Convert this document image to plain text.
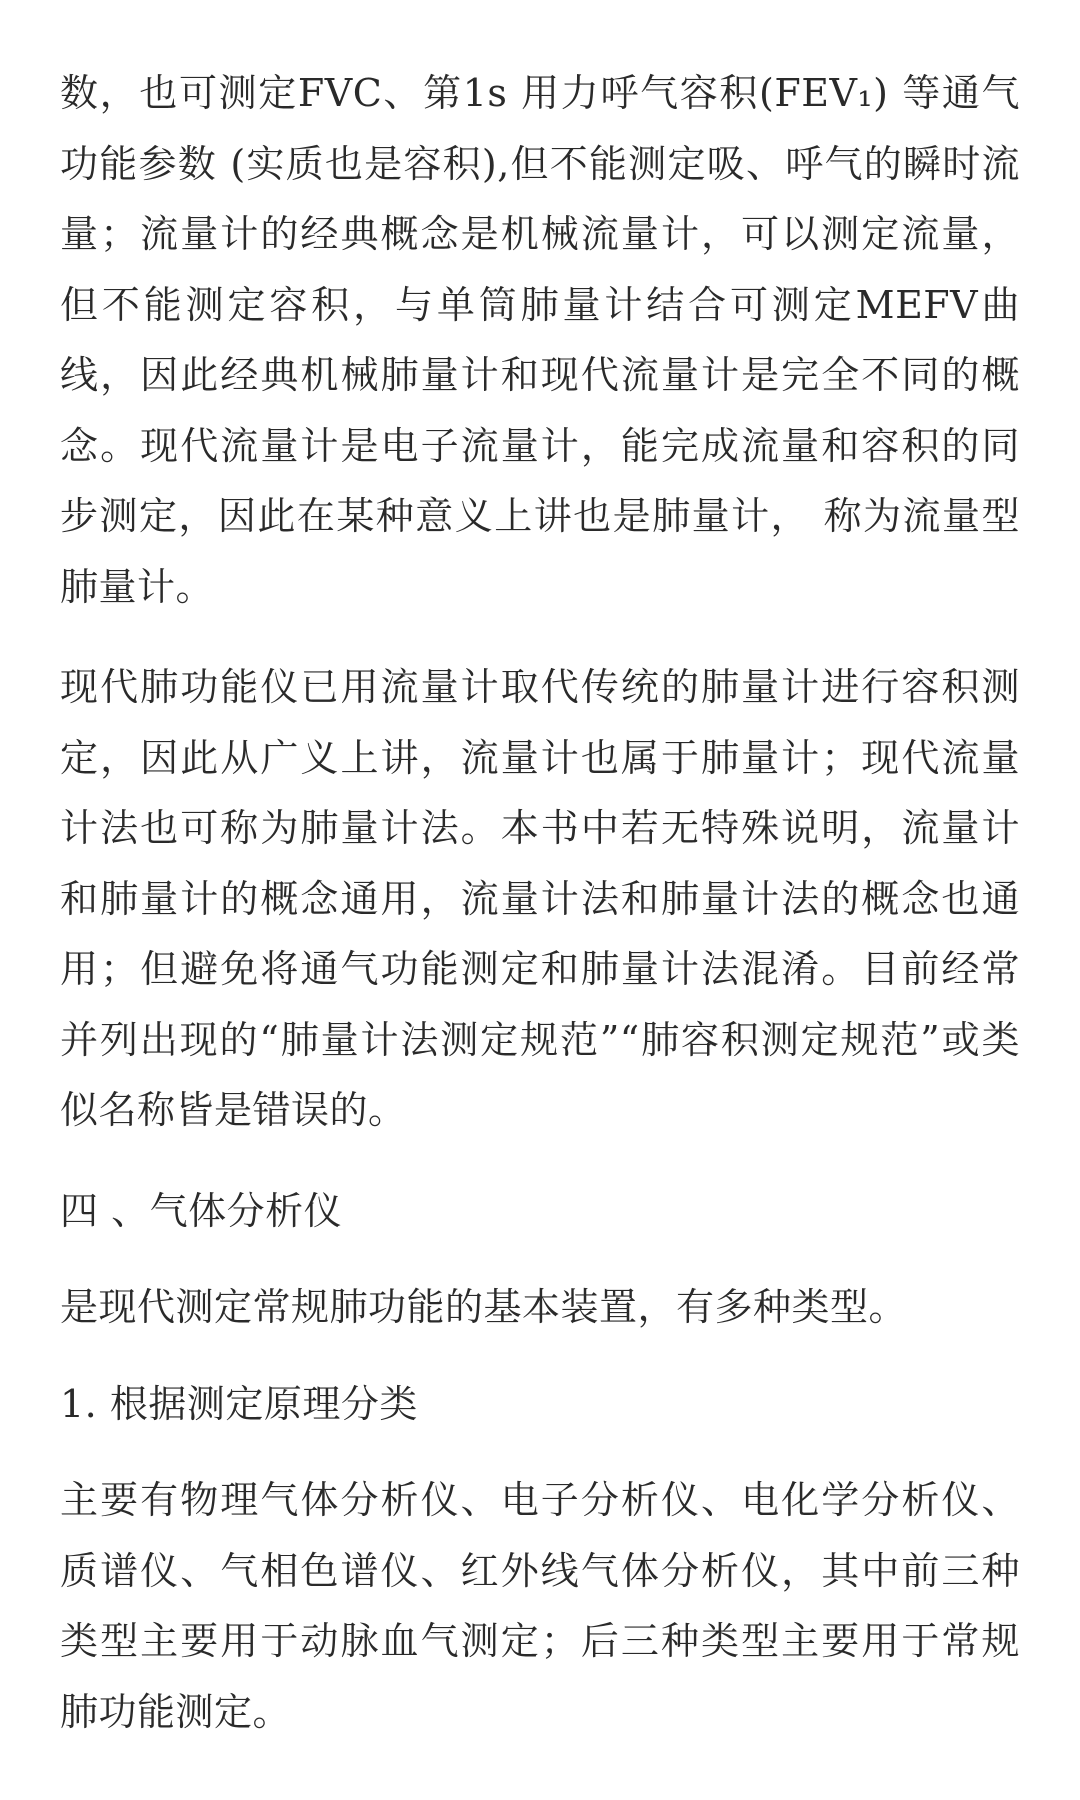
数，也可测定FVC、第1s 用力呼气容积(FEV₁) 等通气功能参数 (实质也是容积),但不能测定吸、呼气的瞬时流量；流量计的经典概念是机械流量计，可以测定流量，但不能测定容积，与单筒肺量计结合可测定MEFV曲线，因此经典机械肺量计和现代流量计是完全不同的概念。现代流量计是电子流量计，能完成流量和容积的同步测定，因此在某种意义上讲也是肺量计， 称为流量型肺量计。

现代肺功能仪已用流量计取代传统的肺量计进行容积测定，因此从广义上讲，流量计也属于肺量计；现代流量计法也可称为肺量计法。本书中若无特殊说明，流量计和肺量计的概念通用，流量计法和肺量计法的概念也通用；但避免将通气功能测定和肺量计法混淆。目前经常并列出现的“肺量计法测定规范”“肺容积测定规范”或类似名称皆是错误的。

四 、气体分析仪

是现代测定常规肺功能的基本装置，有多种类型。

1. 根据测定原理分类

主要有物理气体分析仪、电子分析仪、电化学分析仪、质谱仪、气相色谱仪、红外线气体分析仪，其中前三种类型主要用于动脉血气测定；后三种类型主要用于常规肺功能测定。
